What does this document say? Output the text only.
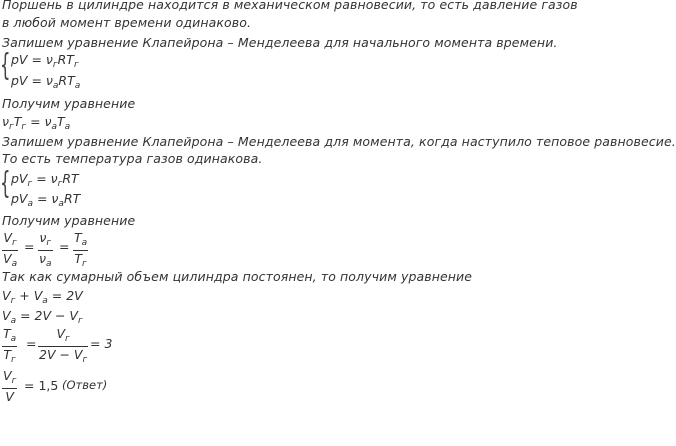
Поршень в цилиндре находится в механическом равновесии, то есть давление газов
в любой момент времени одинаково.
Запишем уравнение Клапейрона – Менделеева для начального момента времени.
{ pV = $\nu_гRT_г$
pV = $\nu_aRT_a$
Получим уравнение
$\nu_гT_г = \nu_aT_a$
Запишем уравнение Клапейрона – Менделеева для момента, когда наступило теповое равновесие.
То есть температура газов одинакова.
{ $pV_г = \nu_гRT$
$pV_a = \nu_aRT$
Получим уравнение
$V_г$
$V_a$
=
$\nu_г$
$\nu_a$
=
$T_a$
$T_г$
Так как сумарный объем цилиндра постоянен, то получим уравнение
$V_г + V_a = 2V$
$V_a = 2V - V_г$
$T_a$
$T_г$
=
$V_г$
$2V - V_г$
= 3
$V_г$
V
= 1,5 (Ответ)
